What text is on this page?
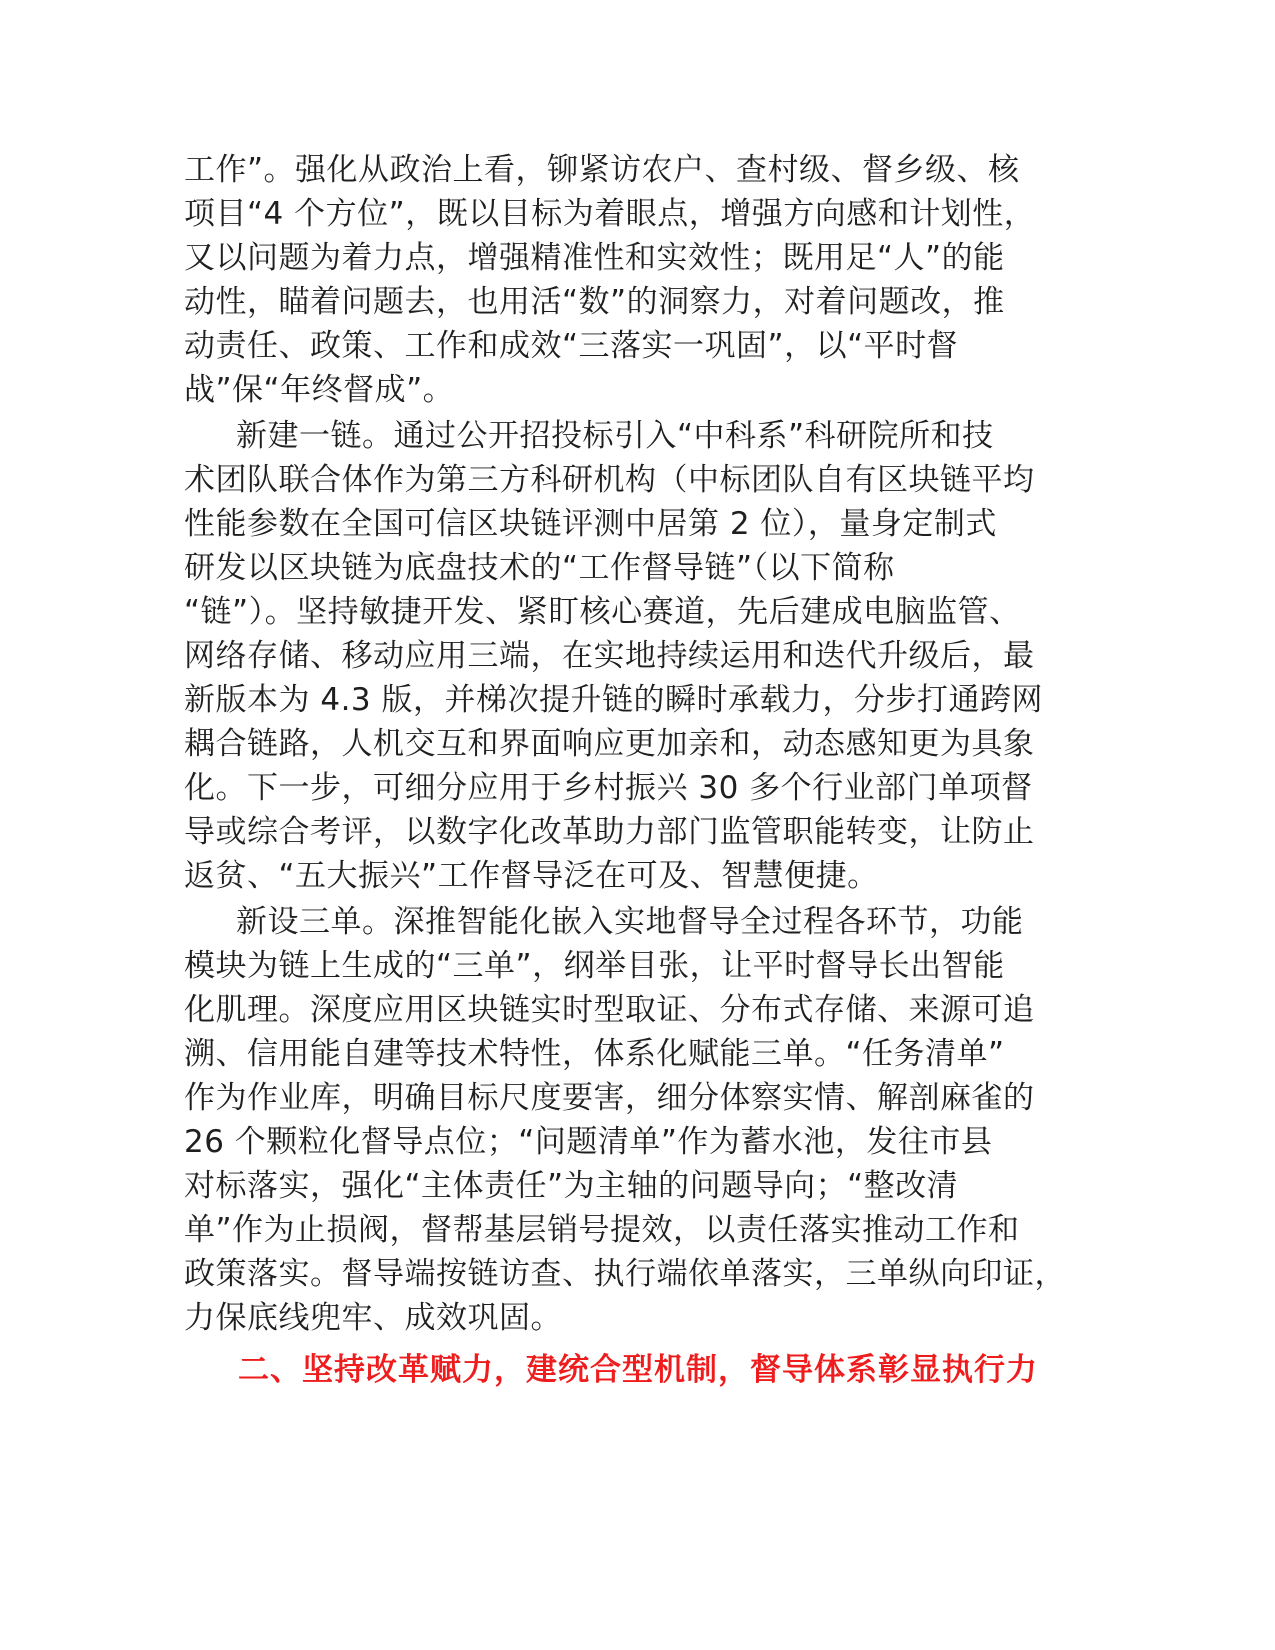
工作”。强化从政治上看，铆紧访农户、查村级、督乡级、核
项目“4 个方位”，既以目标为着眼点，增强方向感和计划性，
又以问题为着力点，增强精准性和实效性；既用足“人”的能
动性，瞄着问题去，也用活“数”的洞察力，对着问题改，推
动责任、政策、工作和成效“三落实一巩固”，以“平时督
战”保“年终督成”。
新建一链。通过公开招投标引入“中科系”科研院所和技
术团队联合体作为第三方科研机构（中标团队自有区块链平均
性能参数在全国可信区块链评测中居第 2 位），量身定制式
研发以区块链为底盘技术的“工作督导链”（以下简称
“链”）。坚持敏捷开发、紧盯核心赛道，先后建成电脑监管、
网络存储、移动应用三端，在实地持续运用和迭代升级后，最
新版本为 4.3 版，并梯次提升链的瞬时承载力，分步打通跨网
耦合链路，人机交互和界面响应更加亲和，动态感知更为具象
化。下一步，可细分应用于乡村振兴 30 多个行业部门单项督
导或综合考评，以数字化改革助力部门监管职能转变，让防止
返贫、“五大振兴”工作督导泛在可及、智慧便捷。
新设三单。深推智能化嵌入实地督导全过程各环节，功能
模块为链上生成的“三单”，纲举目张，让平时督导长出智能
化肌理。深度应用区块链实时型取证、分布式存储、来源可追
溯、信用能自建等技术特性，体系化赋能三单。“任务清单”
作为作业库，明确目标尺度要害，细分体察实情、解剖麻雀的
26 个颗粒化督导点位；“问题清单”作为蓄水池，发往市县
对标落实，强化“主体责任”为主轴的问题导向；“整改清
单”作为止损阀，督帮基层销号提效，以责任落实推动工作和
政策落实。督导端按链访查、执行端依单落实，三单纵向印证，
力保底线兜牢、成效巩固。
二、坚持改革赋力，建统合型机制，督导体系彰显执行力
